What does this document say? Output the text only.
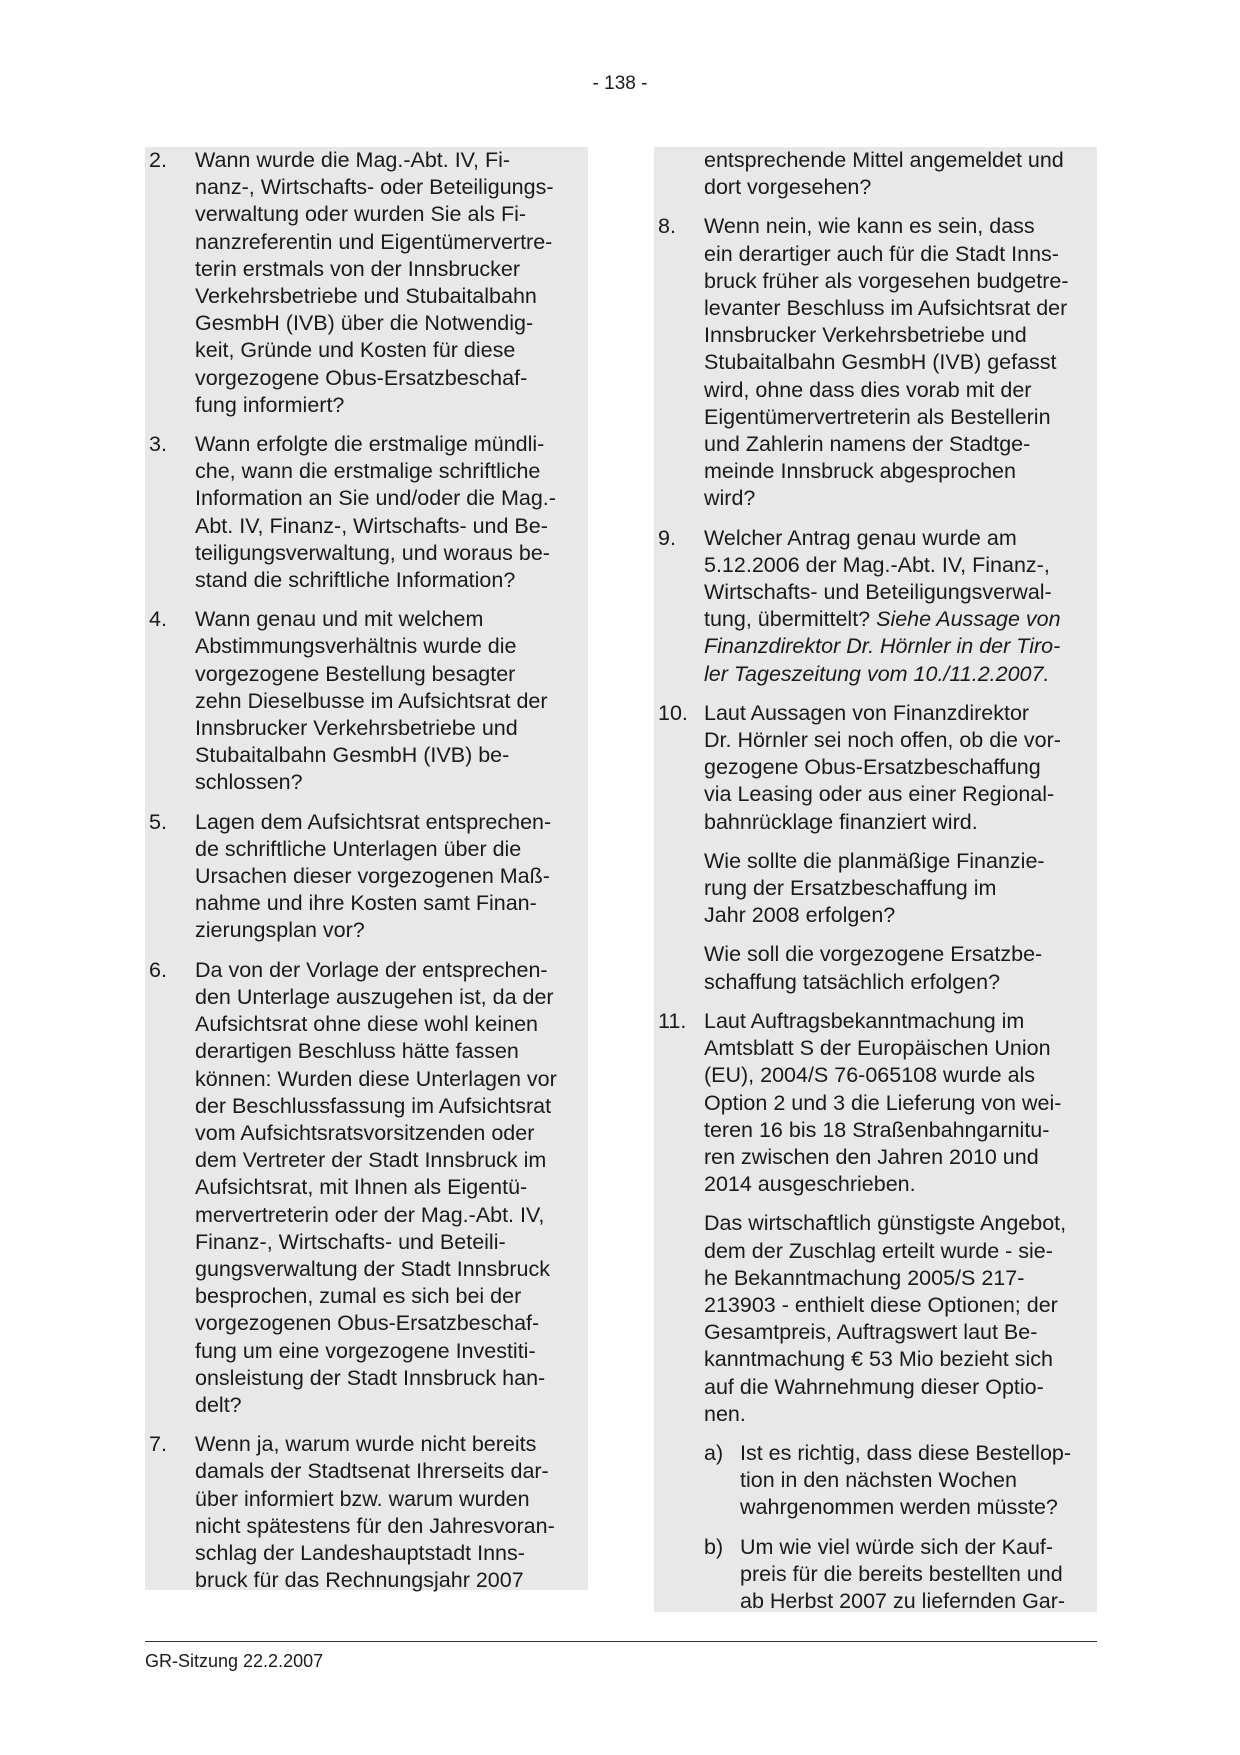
- 138 -
2. Wann wurde die Mag.-Abt. IV, Fi-
nanz-, Wirtschafts- oder Beteiligungs-
verwaltung oder wurden Sie als Fi-
nanzreferentin und Eigentümervertre-
terin erstmals von der Innsbrucker
Verkehrsbetriebe und Stubaitalbahn
GesmbH (IVB) über die Notwendig-
keit, Gründe und Kosten für diese
vorgezogene Obus-Ersatzbeschaf-
fung informiert?
3. Wann erfolgte die erstmalige mündli-
che, wann die erstmalige schriftliche
Information an Sie und/oder die Mag.-
Abt. IV, Finanz-, Wirtschafts- und Be-
teiligungsverwaltung, und woraus be-
stand die schriftliche Information?
4. Wann genau und mit welchem
Abstimmungsverhältnis wurde die
vorgezogene Bestellung besagter
zehn Dieselbusse im Aufsichtsrat der
Innsbrucker Verkehrsbetriebe und
Stubaitalbahn GesmbH (IVB) be-
schlossen?
5. Lagen dem Aufsichtsrat entsprechen-
de schriftliche Unterlagen über die
Ursachen dieser vorgezogenen Maß-
nahme und ihre Kosten samt Finan-
zierungsplan vor?
6. Da von der Vorlage der entsprechen-
den Unterlage auszugehen ist, da der
Aufsichtsrat ohne diese wohl keinen
derartigen Beschluss hätte fassen
können: Wurden diese Unterlagen vor
der Beschlussfassung im Aufsichtsrat
vom Aufsichtsratsvorsitzenden oder
dem Vertreter der Stadt Innsbruck im
Aufsichtsrat, mit Ihnen als Eigentü-
mervertreterin oder der Mag.-Abt. IV,
Finanz-, Wirtschafts- und Beteili-
gungsverwaltung der Stadt Innsbruck
besprochen, zumal es sich bei der
vorgezogenen Obus-Ersatzbeschaf-
fung um eine vorgezogene Investiti-
onsleistung der Stadt Innsbruck han-
delt?
7. Wenn ja, warum wurde nicht bereits
damals der Stadtsenat Ihrerseits dar-
über informiert bzw. warum wurden
nicht spätestens für den Jahresvoran-
schlag der Landeshauptstadt Inns-
bruck für das Rechnungsjahr 2007
entsprechende Mittel angemeldet und
dort vorgesehen?
8. Wenn nein, wie kann es sein, dass
ein derartiger auch für die Stadt Inns-
bruck früher als vorgesehen budgetre-
levanter Beschluss im Aufsichtsrat der
Innsbrucker Verkehrsbetriebe und
Stubaitalbahn GesmbH (IVB) gefasst
wird, ohne dass dies vorab mit der
Eigentümervertreterin als Bestellerin
und Zahlerin namens der Stadtge-
meinde Innsbruck abgesprochen
wird?
9. Welcher Antrag genau wurde am
5.12.2006 der Mag.-Abt. IV, Finanz-,
Wirtschafts- und Beteiligungsverwal-
tung, übermittelt? Siehe Aussage von
Finanzdirektor Dr. Hörnler in der Tiro-
ler Tageszeitung vom 10./11.2.2007.
10. Laut Aussagen von Finanzdirektor
Dr. Hörnler sei noch offen, ob die vor-
gezogene Obus-Ersatzbeschaffung
via Leasing oder aus einer Regional-
bahnrücklage finanziert wird.
Wie sollte die planmäßige Finanzie-
rung der Ersatzbeschaffung im
Jahr 2008 erfolgen?
Wie soll die vorgezogene Ersatzbe-
schaffung tatsächlich erfolgen?
11. Laut Auftragsbekanntmachung im
Amtsblatt S der Europäischen Union
(EU), 2004/S 76-065108 wurde als
Option 2 und 3 die Lieferung von wei-
teren 16 bis 18 Straßenbahngarnitu-
ren zwischen den Jahren 2010 und
2014 ausgeschrieben.
Das wirtschaftlich günstigste Angebot,
dem der Zuschlag erteilt wurde - sie-
he Bekanntmachung 2005/S 217-
213903 - enthielt diese Optionen; der
Gesamtpreis, Auftragswert laut Be-
kanntmachung € 53 Mio bezieht sich
auf die Wahrnehmung dieser Optio-
nen.
a) Ist es richtig, dass diese Bestellop-
tion in den nächsten Wochen
wahrgenommen werden müsste?
b) Um wie viel würde sich der Kauf-
preis für die bereits bestellten und
ab Herbst 2007 zu liefernden Gar-
GR-Sitzung 22.2.2007
